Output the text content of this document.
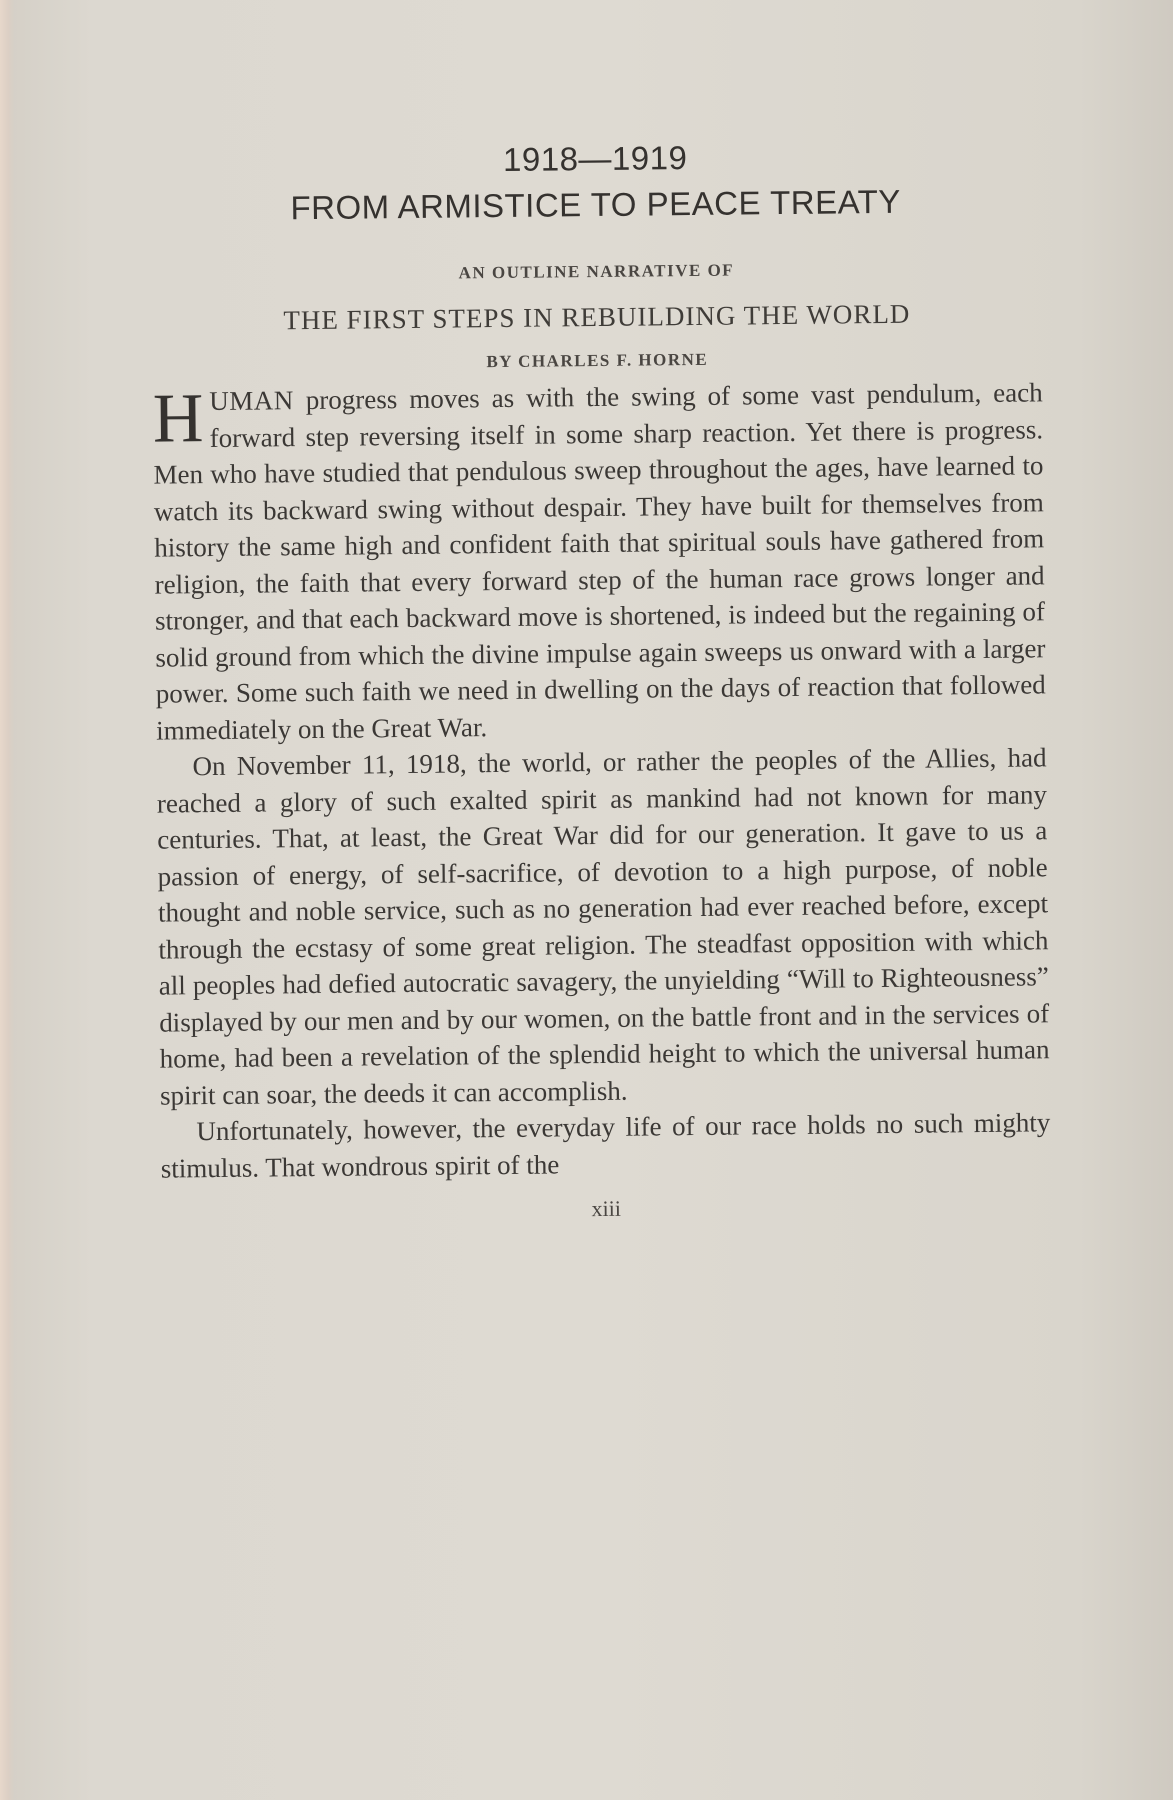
1918—1919
FROM ARMISTICE TO PEACE TREATY
AN OUTLINE NARRATIVE OF
THE FIRST STEPS IN REBUILDING THE WORLD
BY CHARLES F. HORNE

HUMAN progress moves as with the swing of some vast pendulum, each forward step reversing itself in some sharp reaction. Yet there is progress. Men who have studied that pendulous sweep throughout the ages, have learned to watch its backward swing without despair. They have built for themselves from history the same high and confident faith that spiritual souls have gathered from religion, the faith that every forward step of the human race grows longer and stronger, and that each backward move is shortened, is indeed but the regaining of solid ground from which the divine impulse again sweeps us onward with a larger power. Some such faith we need in dwelling on the days of reaction that followed immediately on the Great War.

On November 11, 1918, the world, or rather the peoples of the Allies, had reached a glory of such exalted spirit as mankind had not known for many centuries. That, at least, the Great War did for our generation. It gave to us a passion of energy, of self-sacrifice, of devotion to a high purpose, of noble thought and noble service, such as no generation had ever reached before, except through the ecstasy of some great religion. The steadfast opposition with which all peoples had defied autocratic savagery, the unyielding “Will to Righteousness” displayed by our men and by our women, on the battle front and in the services of home, had been a revelation of the splendid height to which the universal human spirit can soar, the deeds it can accomplish.

Unfortunately, however, the everyday life of our race holds no such mighty stimulus. That wondrous spirit of the

xiii
